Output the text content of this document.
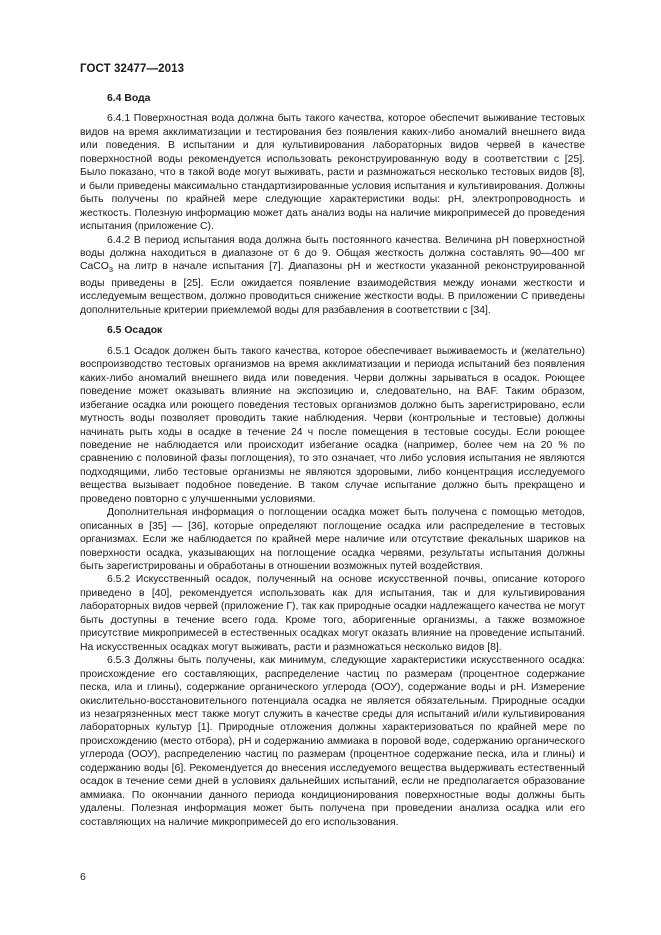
ГОСТ 32477—2013

6.4 Вода

6.4.1 Поверхностная вода должна быть такого качества, которое обеспечит выживание тестовых видов на время акклиматизации и тестирования без появления каких-либо аномалий внешнего вида или поведения. В испытании и для культивирования лабораторных видов червей в качестве поверхностной воды рекомендуется использовать реконструированную воду в соответствии с [25]. Было показано, что в такой воде могут выживать, расти и размножаться несколько тестовых видов [8], и были приведены максимально стандартизированные условия испытания и культивирования. Должны быть получены по крайней мере следующие характеристики воды: pH, электропроводность и жесткость. Полезную информацию может дать анализ воды на наличие микропримесей до проведения испытания (приложение С).

6.4.2 В период испытания вода должна быть постоянного качества. Величина pH поверхностной воды должна находиться в диапазоне от 6 до 9. Общая жесткость должна составлять 90—400 мг CaCO$_3$ на литр в начале испытания [7]. Диапазоны pH и жесткости указанной реконструированной воды приведены в [25]. Если ожидается появление взаимодействия между ионами жесткости и исследуемым веществом, должно проводиться снижение жесткости воды. В приложении С приведены дополнительные критерии приемлемой воды для разбавления в соответствии с [34].

6.5 Осадок

6.5.1 Осадок должен быть такого качества, которое обеспечивает выживаемость и (желательно) воспроизводство тестовых организмов на время акклиматизации и периода испытаний без появления каких-либо аномалий внешнего вида или поведения. Черви должны зарываться в осадок. Роющее поведение может оказывать влияние на экспозицию и, следовательно, на BAF. Таким образом, избегание осадка или роющего поведения тестовых организмов должно быть зарегистрировано, если мутность воды позволяет проводить такие наблюдения. Черви (контрольные и тестовые) должны начинать рыть ходы в осадке в течение 24 ч после помещения в тестовые сосуды. Если роющее поведение не наблюдается или происходит избегание осадка (например, более чем на 20 % по сравнению с половиной фазы поглощения), то это означает, что либо условия испытания не являются подходящими, либо тестовые организмы не являются здоровыми, либо концентрация исследуемого вещества вызывает подобное поведение. В таком случае испытание должно быть прекращено и проведено повторно с улучшенными условиями.

Дополнительная информация о поглощении осадка может быть получена с помощью методов, описанных в [35] — [36], которые определяют поглощение осадка или распределение в тестовых организмах. Если же наблюдается по крайней мере наличие или отсутствие фекальных шариков на поверхности осадка, указывающих на поглощение осадка червями, результаты испытания должны быть зарегистрированы и обработаны в отношении возможных путей воздействия.

6.5.2 Искусственный осадок, полученный на основе искусственной почвы, описание которого приведено в [40], рекомендуется использовать как для испытания, так и для культивирования лабораторных видов червей (приложение Г), так как природные осадки надлежащего качества не могут быть доступны в течение всего года. Кроме того, аборигенные организмы, а также возможное присутствие микропримесей в естественных осадках могут оказать влияние на проведение испытаний. На искусственных осадках могут выживать, расти и размножаться несколько видов [8].

6.5.3 Должны быть получены, как минимум, следующие характеристики искусственного осадка: происхождение его составляющих, распределение частиц по размерам (процентное содержание песка, ила и глины), содержание органического углерода (ООУ), содержание воды и pH. Измерение окислительно-восстановительного потенциала осадка не является обязательным. Природные осадки из незагрязненных мест также могут служить в качестве среды для испытаний и/или культивирования лабораторных культур [1]. Природные отложения должны характеризоваться по крайней мере по происхождению (место отбора), pH и содержанию аммиака в поровой воде, содержанию органического углерода (ООУ), распределению частиц по размерам (процентное содержание песка, ила и глины) и содержанию воды [6]. Рекомендуется до внесения исследуемого вещества выдерживать естественный осадок в течение семи дней в условиях дальнейших испытаний, если не предполагается образование аммиака. По окончании данного периода кондиционирования поверхностные воды должны быть удалены. Полезная информация может быть получена при проведении анализа осадка или его составляющих на наличие микропримесей до его использования.

6
